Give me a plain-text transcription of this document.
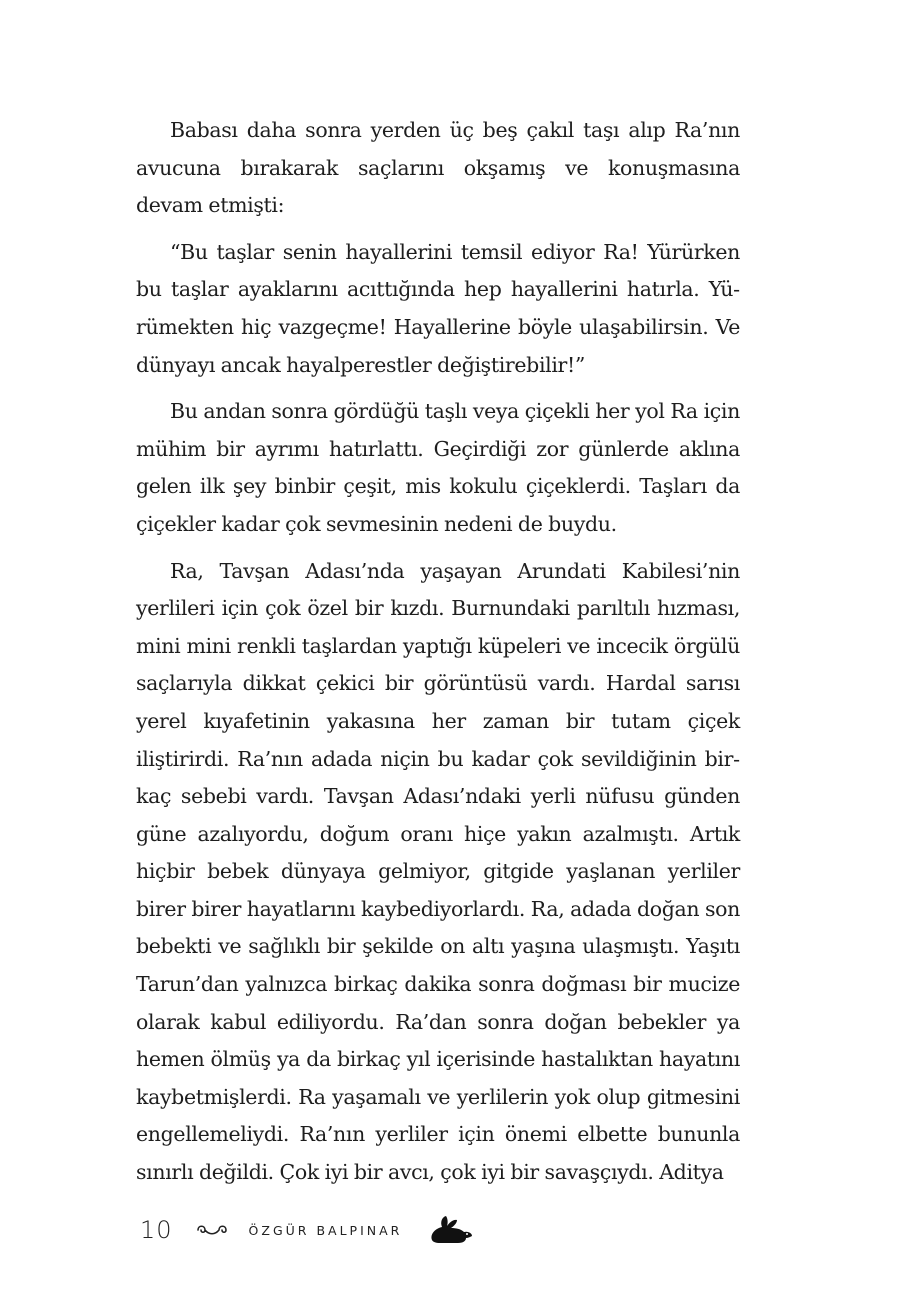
Babası daha sonra yerden üç beş çakıl taşı alıp Ra’nın avucuna bırakarak saçlarını okşamış ve konuşmasına devam etmişti:

“Bu taşlar senin hayallerini temsil ediyor Ra! Yürürken bu taşlar ayaklarını acıttığında hep hayallerini hatırla. Yürümekten hiç vazgeçme! Hayallerine böyle ulaşabilirsin. Ve dünyayı ancak hayalperestler değiştirebilir!”

Bu andan sonra gördüğü taşlı veya çiçekli her yol Ra için mühim bir ayrımı hatırlattı. Geçirdiği zor günlerde aklına gelen ilk şey binbir çeşit, mis kokulu çiçeklerdi. Taşları da çiçekler kadar çok sevmesinin nedeni de buydu.

Ra, Tavşan Adası’nda yaşayan Arundati Kabilesi’nin yerlileri için çok özel bir kızdı. Burnundaki parıltılı hızması, mini mini renkli taşlardan yaptığı küpeleri ve incecik örgülü saçlarıyla dikkat çekici bir görüntüsü vardı. Hardal sarısı yerel kıyafetinin yakasına her zaman bir tutam çiçek iliştirirdi. Ra’nın adada niçin bu kadar çok sevildiğinin birkaç sebebi vardı. Tavşan Adası’ndaki yerli nüfusu günden güne azalıyordu, doğum oranı hiçe yakın azalmıştı. Artık hiçbir bebek dünyaya gelmiyor, gitgide yaşlanan yerliler birer birer hayatlarını kaybediyorlardı. Ra, adada doğan son bebekti ve sağlıklı bir şekilde on altı yaşına ulaşmıştı. Yaşıtı Tarun’dan yalnızca birkaç dakika sonra doğması bir mucize olarak kabul ediliyordu. Ra’dan sonra doğan bebekler ya hemen ölmüş ya da birkaç yıl içerisinde hastalıktan hayatını kaybetmişlerdi. Ra yaşamalı ve yerlilerin yok olup gitmesini engellemeliydi. Ra’nın yerliler için önemi elbette bununla sınırlı değildi. Çok iyi bir avcı, çok iyi bir savaşçıydı. Aditya

10	ÖZGÜR BALPINAR
